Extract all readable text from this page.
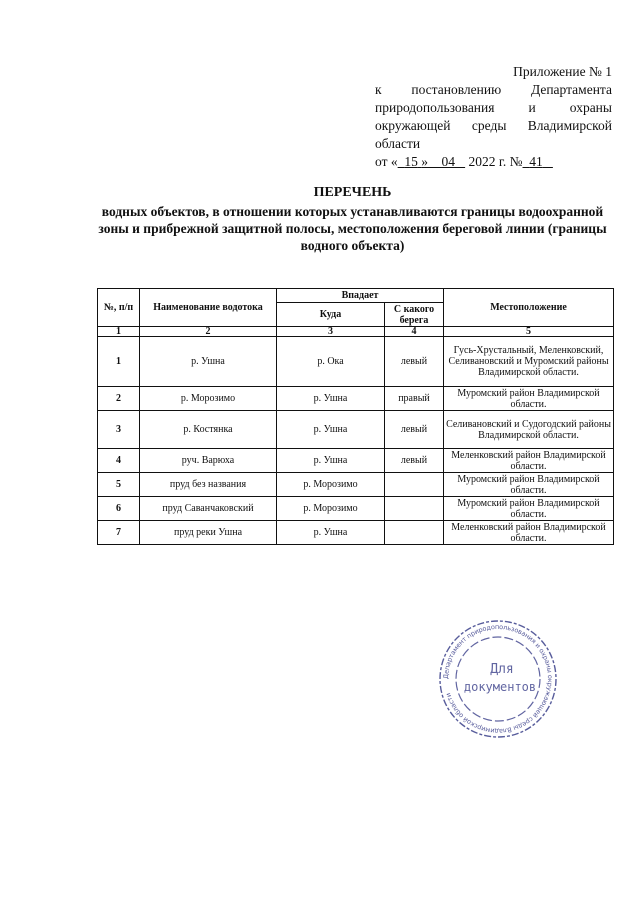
Приложение № 1
к постановлению Департамента
природопользования	и	охраны
окружающей среды Владимирской
области
от « 15 » 04 2022 г. № 41
ПЕРЕЧЕНЬ
водных объектов, в отношении которых устанавливаются границы водоохранной зоны и прибрежной защитной полосы, местоположения береговой линии (границы водного объекта)
№, п/п	Наименование водотока	Впадает		Местоположение
		Куда	С какого берега	
1	2	3	4	5
1	р. Ушна	р. Ока	левый	Гусь-Хрустальный, Меленковский, Селивановский и Муромский районы Владимирской области.
2	р. Морозимо	р. Ушна	правый	Муромский район Владимирской области.
3	р. Костянка	р. Ушна	левый	Селивановский и Судогодский районы Владимирской области.
4	руч. Варюха	р. Ушна	левый	Меленковский район Владимирской области.
5	пруд без названия	р. Морозимо		Муромский район Владимирской области.
6	пруд Саванчаковский	р. Морозимо		Муромский район Владимирской области.
7	пруд реки Ушна	р. Ушна		Меленковский район Владимирской области.
Департамент природопользования и охраны окружающей среды Владимирской области
Для
документов
